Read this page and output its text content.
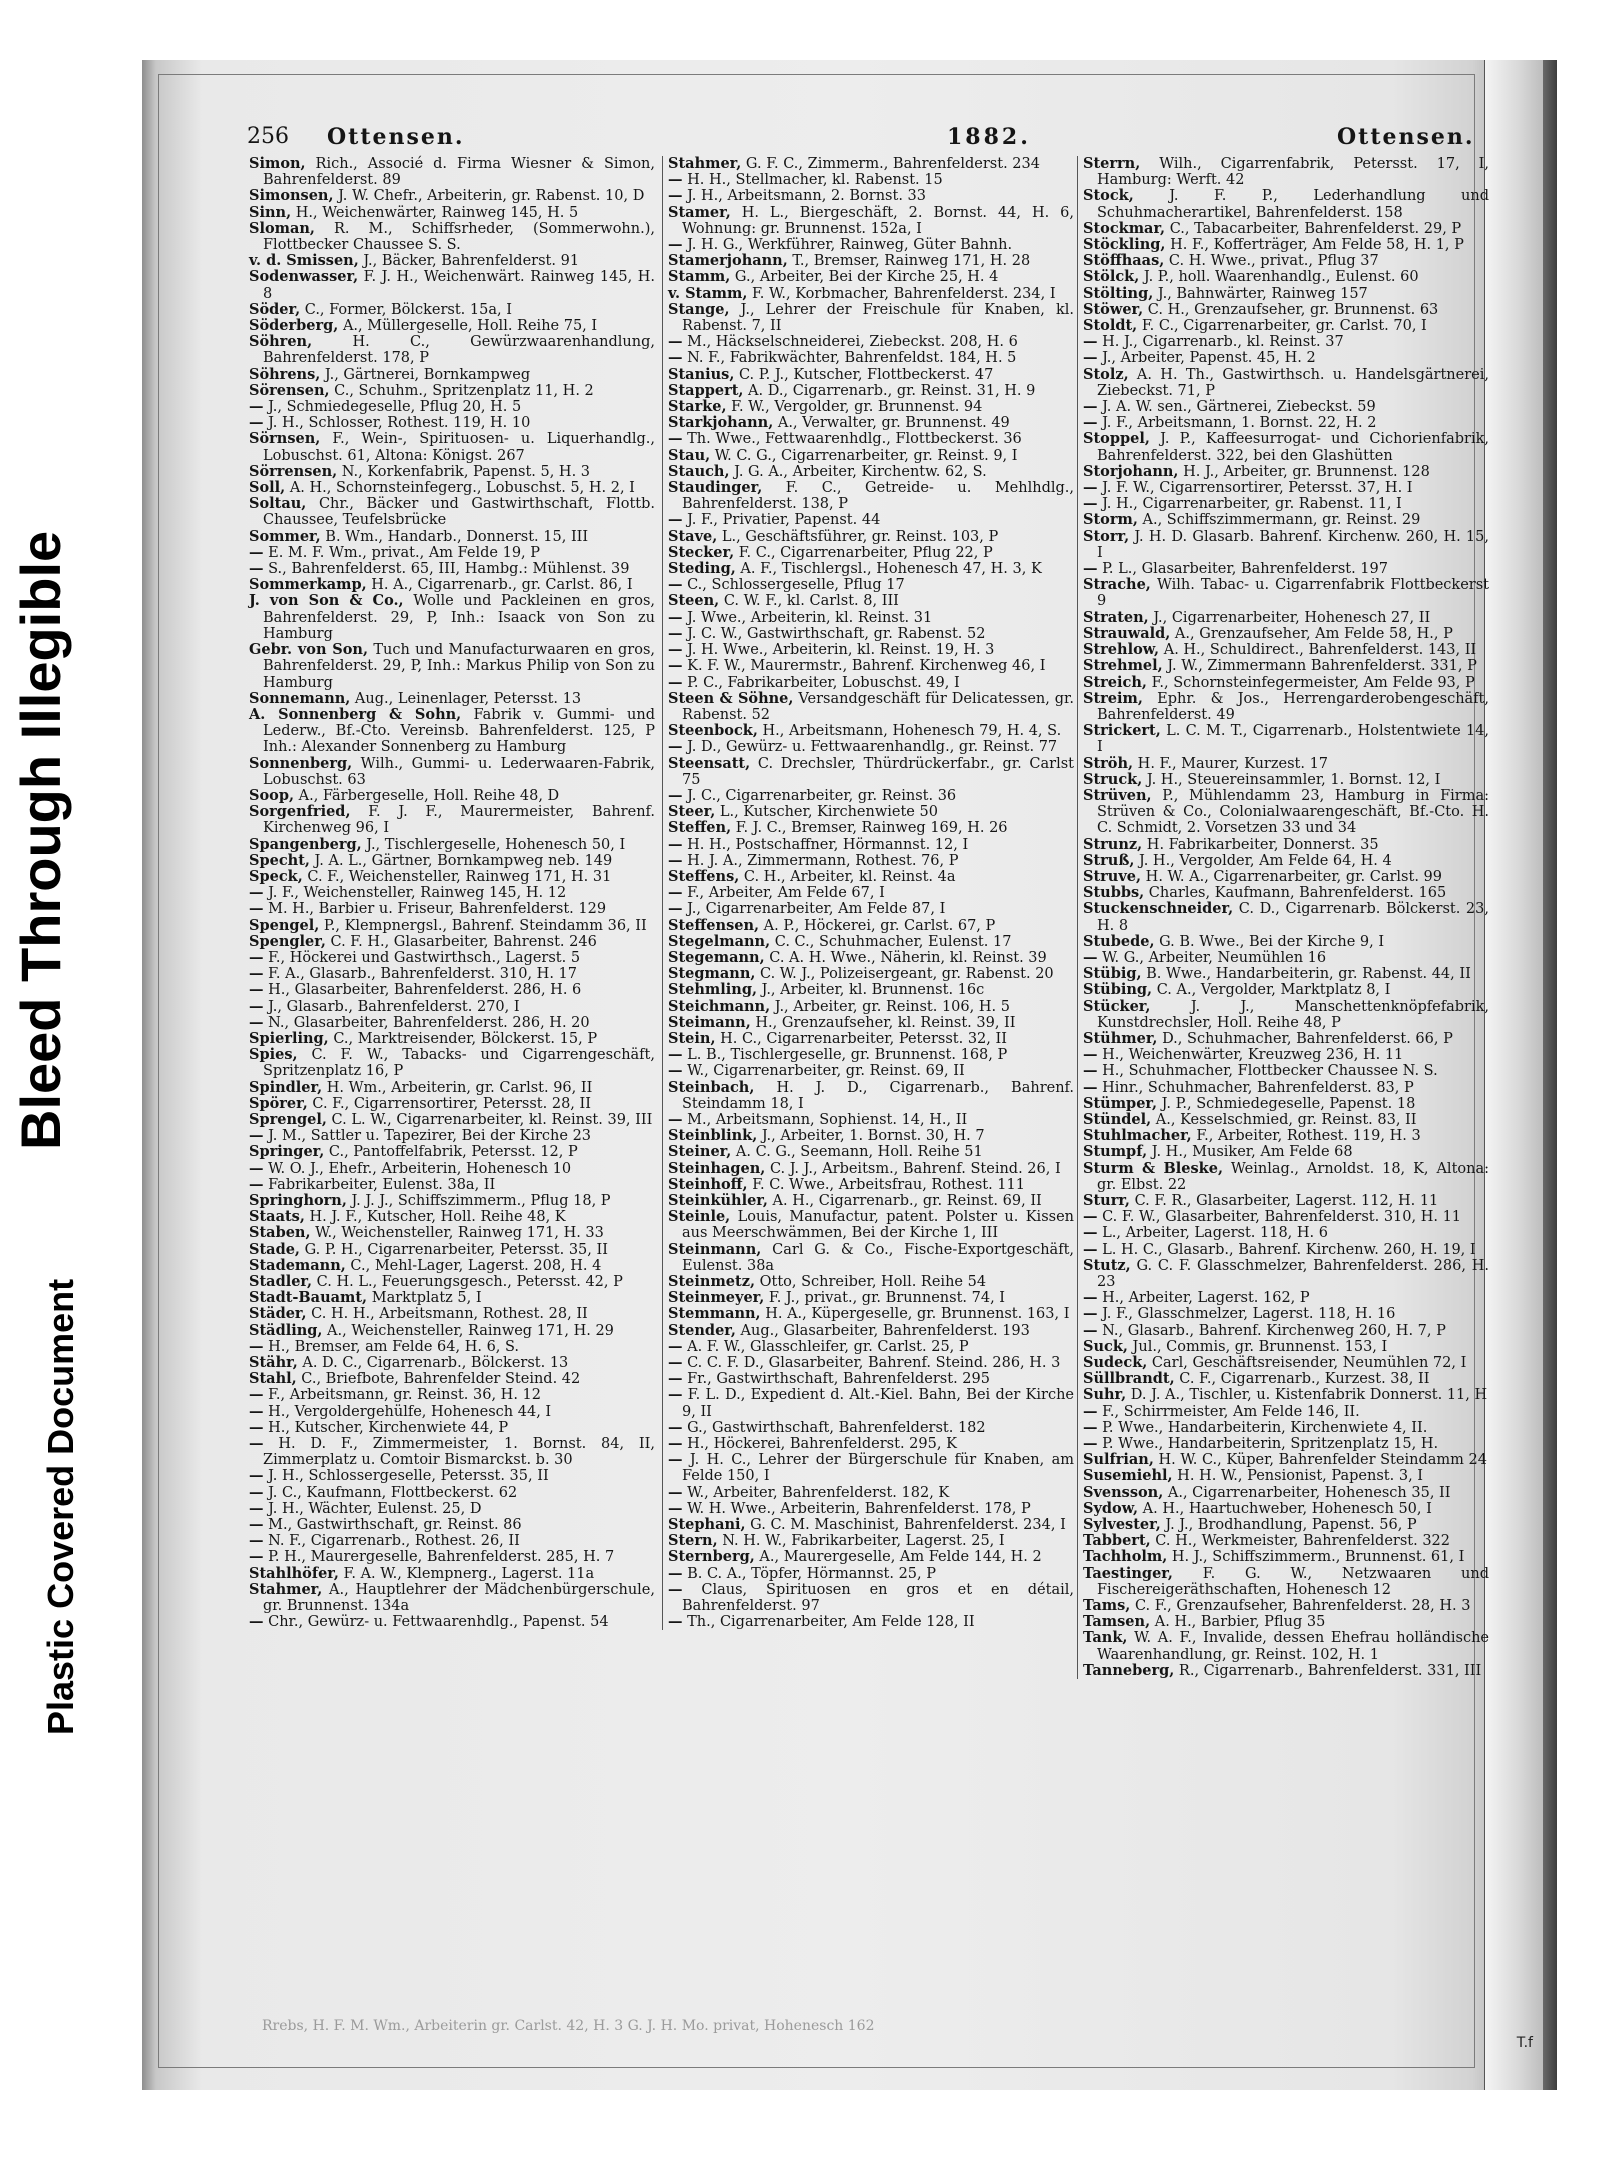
Bleed Through Illegible
Plastic Covered Document
T.f
256 Ottensen.	1882.	Ottensen.

Simon, Rich., Associé d. Firma Wiesner & Simon, Bahrenfelderst. 89

Simonsen, J. W. Chefr., Arbeiterin, gr. Rabenst. 10, D

Sinn, H., Weichenwärter, Rainweg 145, H. 5

Sloman, R. M., Schiffsrheder, (Sommerwohn.), Flottbecker Chaussee S. S.

v. d. Smissen, J., Bäcker, Bahrenfelderst. 91

Sodenwasser, F. J. H., Weichenwärt. Rainweg 145, H. 8

Söder, C., Former, Bölckerst. 15a, I

Söderberg, A., Müllergeselle, Holl. Reihe 75, I

Söhren, H. C., Gewürzwaarenhandlung, Bahrenfelderst. 178, P

Söhrens, J., Gärtnerei, Bornkampweg

Sörensen, C., Schuhm., Spritzenplatz 11, H. 2

— J., Schmiedegeselle, Pflug 20, H. 5

— J. H., Schlosser, Rothest. 119, H. 10

Sörnsen, F., Wein-, Spirituosen- u. Liquerhandlg., Lobuschst. 61, Altona: Königst. 267

Sörrensen, N., Korkenfabrik, Papenst. 5, H. 3

Soll, A. H., Schornsteinfegerg., Lobuschst. 5, H. 2, I

Soltau, Chr., Bäcker und Gastwirthschaft, Flottb. Chaussee, Teufelsbrücke

Sommer, B. Wm., Handarb., Donnerst. 15, III

— E. M. F. Wm., privat., Am Felde 19, P

— S., Bahrenfelderst. 65, III, Hambg.: Mühlenst. 39

Sommerkamp, H. A., Cigarrenarb., gr. Carlst. 86, I

J. von Son & Co., Wolle und Packleinen en gros, Bahrenfelderst. 29, P, Inh.: Isaack von Son zu Hamburg

Gebr. von Son, Tuch und Manufacturwaaren en gros, Bahrenfelderst. 29, P, Inh.: Markus Philip von Son zu Hamburg

Sonnemann, Aug., Leinenlager, Petersst. 13

A. Sonnenberg & Sohn, Fabrik v. Gummi- und Lederw., Bf.-Cto. Vereinsb. Bahrenfelderst. 125, P Inh.: Alexander Sonnenberg zu Hamburg

Sonnenberg, Wilh., Gummi- u. Lederwaaren-Fabrik, Lobuschst. 63

Soop, A., Färbergeselle, Holl. Reihe 48, D

Sorgenfried, F. J. F., Maurermeister, Bahrenf. Kirchenweg 96, I

Spangenberg, J., Tischlergeselle, Hohenesch 50, I

Specht, J. A. L., Gärtner, Bornkampweg neb. 149

Speck, C. F., Weichensteller, Rainweg 171, H. 31

— J. F., Weichensteller, Rainweg 145, H. 12

— M. H., Barbier u. Friseur, Bahrenfelderst. 129

Spengel, P., Klempnergsl., Bahrenf. Steindamm 36, II

Spengler, C. F. H., Glasarbeiter, Bahrenst. 246

— F., Höckerei und Gastwirthsch., Lagerst. 5

— F. A., Glasarb., Bahrenfelderst. 310, H. 17

— H., Glasarbeiter, Bahrenfelderst. 286, H. 6

— J., Glasarb., Bahrenfelderst. 270, I

— N., Glasarbeiter, Bahrenfelderst. 286, H. 20

Spierling, C., Marktreisender, Bölckerst. 15, P

Spies, C. F. W., Tabacks- und Cigarrengeschäft, Spritzenplatz 16, P

Spindler, H. Wm., Arbeiterin, gr. Carlst. 96, II

Spörer, C. F., Cigarrensortirer, Petersst. 28, II

Sprengel, C. L. W., Cigarrenarbeiter, kl. Reinst. 39, III

— J. M., Sattler u. Tapezirer, Bei der Kirche 23

Springer, C., Pantoffelfabrik, Petersst. 12, P

— W. O. J., Ehefr., Arbeiterin, Hohenesch 10

— Fabrikarbeiter, Eulenst. 38a, II

Springhorn, J. J. J., Schiffszimmerm., Pflug 18, P

Staats, H. J. F., Kutscher, Holl. Reihe 48, K

Staben, W., Weichensteller, Rainweg 171, H. 33

Stade, G. P. H., Cigarrenarbeiter, Petersst. 35, II

Stademann, C., Mehl-Lager, Lagerst. 208, H. 4

Stadler, C. H. L., Feuerungsgesch., Petersst. 42, P

Stadt-Bauamt, Marktplatz 5, I

Städer, C. H. H., Arbeitsmann, Rothest. 28, II

Städling, A., Weichensteller, Rainweg 171, H. 29

— H., Bremser, am Felde 64, H. 6, S.

Stähr, A. D. C., Cigarrenarb., Bölckerst. 13

Stahl, C., Briefbote, Bahrenfelder Steind. 42

— F., Arbeitsmann, gr. Reinst. 36, H. 12

— H., Vergoldergehülfe, Hohenesch 44, I

— H., Kutscher, Kirchenwiete 44, P

— H. D. F., Zimmermeister, 1. Bornst. 84, II, Zimmerplatz u. Comtoir Bismarckst. b. 30

— J. H., Schlossergeselle, Petersst. 35, II

— J. C., Kaufmann, Flottbeckerst. 62

— J. H., Wächter, Eulenst. 25, D

— M., Gastwirthschaft, gr. Reinst. 86

— N. F., Cigarrenarb., Rothest. 26, II

— P. H., Maurergeselle, Bahrenfelderst. 285, H. 7

Stahlhöfer, F. A. W., Klempnerg., Lagerst. 11a

Stahmer, A., Hauptlehrer der Mädchenbürgerschule, gr. Brunnenst. 134a

— Chr., Gewürz- u. Fettwaarenhdlg., Papenst. 54

Stahmer, G. F. C., Zimmerm., Bahrenfelderst. 234

— H. H., Stellmacher, kl. Rabenst. 15

— J. H., Arbeitsmann, 2. Bornst. 33

Stamer, H. L., Biergeschäft, 2. Bornst. 44, H. 6, Wohnung: gr. Brunnenst. 152a, I

— J. H. G., Werkführer, Rainweg, Güter Bahnh.

Stamerjohann, T., Bremser, Rainweg 171, H. 28

Stamm, G., Arbeiter, Bei der Kirche 25, H. 4

v. Stamm, F. W., Korbmacher, Bahrenfelderst. 234, I

Stange, J., Lehrer der Freischule für Knaben, kl. Rabenst. 7, II

— M., Häckselschneiderei, Ziebeckst. 208, H. 6

— N. F., Fabrikwächter, Bahrenfeldst. 184, H. 5

Stanius, C. P. J., Kutscher, Flottbeckerst. 47

Stappert, A. D., Cigarrenarb., gr. Reinst. 31, H. 9

Starke, F. W., Vergolder, gr. Brunnenst. 94

Starkjohann, A., Verwalter, gr. Brunnenst. 49

— Th. Wwe., Fettwaarenhdlg., Flottbeckerst. 36

Stau, W. C. G., Cigarrenarbeiter, gr. Reinst. 9, I

Stauch, J. G. A., Arbeiter, Kirchentw. 62, S.

Staudinger, F. C., Getreide- u. Mehlhdlg., Bahrenfelderst. 138, P

— J. F., Privatier, Papenst. 44

Stave, L., Geschäftsführer, gr. Reinst. 103, P

Stecker, F. C., Cigarrenarbeiter, Pflug 22, P

Steding, A. F., Tischlergsl., Hohenesch 47, H. 3, K

— C., Schlossergeselle, Pflug 17

Steen, C. W. F., kl. Carlst. 8, III

— J. Wwe., Arbeiterin, kl. Reinst. 31

— J. C. W., Gastwirthschaft, gr. Rabenst. 52

— J. H. Wwe., Arbeiterin, kl. Reinst. 19, H. 3

— K. F. W., Maurermstr., Bahrenf. Kirchenweg 46, I

— P. C., Fabrikarbeiter, Lobuschst. 49, I

Steen & Söhne, Versandgeschäft für Delicatessen, gr. Rabenst. 52

Steenbock, H., Arbeitsmann, Hohenesch 79, H. 4, S.

— J. D., Gewürz- u. Fettwaarenhandlg., gr. Reinst. 77

Steensatt, C. Drechsler, Thürdrückerfabr., gr. Carlst 75

— J. C., Cigarrenarbeiter, gr. Reinst. 36

Steer, L., Kutscher, Kirchenwiete 50

Steffen, F. J. C., Bremser, Rainweg 169, H. 26

— H. H., Postschaffner, Hörmannst. 12, I

— H. J. A., Zimmermann, Rothest. 76, P

Steffens, C. H., Arbeiter, kl. Reinst. 4a

— F., Arbeiter, Am Felde 67, I

— J., Cigarrenarbeiter, Am Felde 87, I

Steffensen, A. P., Höckerei, gr. Carlst. 67, P

Stegelmann, C. C., Schuhmacher, Eulenst. 17

Stegemann, C. A. H. Wwe., Näherin, kl. Reinst. 39

Stegmann, C. W. J., Polizeisergeant, gr. Rabenst. 20

Stehmling, J., Arbeiter, kl. Brunnenst. 16c

Steichmann, J., Arbeiter, gr. Reinst. 106, H. 5

Steimann, H., Grenzaufseher, kl. Reinst. 39, II

Stein, H. C., Cigarrenarbeiter, Petersst. 32, II

— L. B., Tischlergeselle, gr. Brunnenst. 168, P

— W., Cigarrenarbeiter, gr. Reinst. 69, II

Steinbach, H. J. D., Cigarrenarb., Bahrenf. Steindamm 18, I

— M., Arbeitsmann, Sophienst. 14, H., II

Steinblink, J., Arbeiter, 1. Bornst. 30, H. 7

Steiner, A. C. G., Seemann, Holl. Reihe 51

Steinhagen, C. J. J., Arbeitsm., Bahrenf. Steind. 26, I

Steinhoff, F. C. Wwe., Arbeitsfrau, Rothest. 111

Steinkühler, A. H., Cigarrenarb., gr. Reinst. 69, II

Steinle, Louis, Manufactur, patent. Polster u. Kissen aus Meerschwämmen, Bei der Kirche 1, III

Steinmann, Carl G. & Co., Fische-Exportgeschäft, Eulenst. 38a

Steinmetz, Otto, Schreiber, Holl. Reihe 54

Steinmeyer, F. J., privat., gr. Brunnenst. 74, I

Stemmann, H. A., Küpergeselle, gr. Brunnenst. 163, I

Stender, Aug., Glasarbeiter, Bahrenfelderst. 193

— A. F. W., Glasschleifer, gr. Carlst. 25, P

— C. C. F. D., Glasarbeiter, Bahrenf. Steind. 286, H. 3

— Fr., Gastwirthschaft, Bahrenfelderst. 295

— F. L. D., Expedient d. Alt.-Kiel. Bahn, Bei der Kirche 9, II

— G., Gastwirthschaft, Bahrenfelderst. 182

— H., Höckerei, Bahrenfelderst. 295, K

— J. H. C., Lehrer der Bürgerschule für Knaben, am Felde 150, I

— W., Arbeiter, Bahrenfelderst. 182, K

— W. H. Wwe., Arbeiterin, Bahrenfelderst. 178, P

Stephani, G. C. M. Maschinist, Bahrenfelderst. 234, I

Stern, N. H. W., Fabrikarbeiter, Lagerst. 25, I

Sternberg, A., Maurergeselle, Am Felde 144, H. 2

— B. C. A., Töpfer, Hörmannst. 25, P

— Claus, Spirituosen en gros et en détail, Bahrenfelderst. 97

— Th., Cigarrenarbeiter, Am Felde 128, II

Sterrn, Wilh., Cigarrenfabrik, Petersst. 17, I, Hamburg: Werft. 42

Stock, J. F. P., Lederhandlung und Schuhmacherartikel, Bahrenfelderst. 158

Stockmar, C., Tabacarbeiter, Bahrenfelderst. 29, P

Stöckling, H. F., Kofferträger, Am Felde 58, H. 1, P

Stöffhaas, C. H. Wwe., privat., Pflug 37

Stölck, J. P., holl. Waarenhandlg., Eulenst. 60

Stölting, J., Bahnwärter, Rainweg 157

Stöwer, C. H., Grenzaufseher, gr. Brunnenst. 63

Stoldt, F. C., Cigarrenarbeiter, gr. Carlst. 70, I

— H. J., Cigarrenarb., kl. Reinst. 37

— J., Arbeiter, Papenst. 45, H. 2

Stolz, A. H. Th., Gastwirthsch. u. Handelsgärtnerei, Ziebeckst. 71, P

— J. A. W. sen., Gärtnerei, Ziebeckst. 59

— J. F., Arbeitsmann, 1. Bornst. 22, H. 2

Stoppel, J. P., Kaffeesurrogat- und Cichorienfabrik, Bahrenfelderst. 322, bei den Glashütten

Storjohann, H. J., Arbeiter, gr. Brunnenst. 128

— J. F. W., Cigarrensortirer, Petersst. 37, H. I

— J. H., Cigarrenarbeiter, gr. Rabenst. 11, I

Storm, A., Schiffszimmermann, gr. Reinst. 29

Storr, J. H. D. Glasarb. Bahrenf. Kirchenw. 260, H. 15, I

— P. L., Glasarbeiter, Bahrenfelderst. 197

Strache, Wilh. Tabac- u. Cigarrenfabrik Flottbeckerst 9

Straten, J., Cigarrenarbeiter, Hohenesch 27, II

Strauwald, A., Grenzaufseher, Am Felde 58, H., P

Strehlow, A. H., Schuldirect., Bahrenfelderst. 143, II

Strehmel, J. W., Zimmermann Bahrenfelderst. 331, P

Streich, F., Schornsteinfegermeister, Am Felde 93, P

Streim, Ephr. & Jos., Herrengarderobengeschäft, Bahrenfelderst. 49

Strickert, L. C. M. T., Cigarrenarb., Holstentwiete 14, I

Ströh, H. F., Maurer, Kurzest. 17

Struck, J. H., Steuereinsammler, 1. Bornst. 12, I

Strüven, P., Mühlendamm 23, Hamburg in Firma: Strüven & Co., Colonialwaarengeschäft, Bf.-Cto. H. C. Schmidt, 2. Vorsetzen 33 und 34

Strunz, H. Fabrikarbeiter, Donnerst. 35

Struß, J. H., Vergolder, Am Felde 64, H. 4

Struve, H. W. A., Cigarrenarbeiter, gr. Carlst. 99

Stubbs, Charles, Kaufmann, Bahrenfelderst. 165

Stuckenschneider, C. D., Cigarrenarb. Bölckerst. 23, H. 8

Stubede, G. B. Wwe., Bei der Kirche 9, I

— W. G., Arbeiter, Neumühlen 16

Stübig, B. Wwe., Handarbeiterin, gr. Rabenst. 44, II

Stübing, C. A., Vergolder, Marktplatz 8, I

Stücker, J. J., Manschettenknöpfefabrik, Kunstdrechsler, Holl. Reihe 48, P

Stühmer, D., Schuhmacher, Bahrenfelderst. 66, P

— H., Weichenwärter, Kreuzweg 236, H. 11

— H., Schuhmacher, Flottbecker Chaussee N. S.

— Hinr., Schuhmacher, Bahrenfelderst. 83, P

Stümper, J. P., Schmiedegeselle, Papenst. 18

Stündel, A., Kesselschmied, gr. Reinst. 83, II

Stuhlmacher, F., Arbeiter, Rothest. 119, H. 3

Stumpf, J. H., Musiker, Am Felde 68

Sturm & Bleske, Weinlag., Arnoldst. 18, K, Altona: gr. Elbst. 22

Sturr, C. F. R., Glasarbeiter, Lagerst. 112, H. 11

— C. F. W., Glasarbeiter, Bahrenfelderst. 310, H. 11

— L., Arbeiter, Lagerst. 118, H. 6

— L. H. C., Glasarb., Bahrenf. Kirchenw. 260, H. 19, I

Stutz, G. C. F. Glasschmelzer, Bahrenfelderst. 286, H. 23

— H., Arbeiter, Lagerst. 162, P

— J. F., Glasschmelzer, Lagerst. 118, H. 16

— N., Glasarb., Bahrenf. Kirchenweg 260, H. 7, P

Suck, Jul., Commis, gr. Brunnenst. 153, I

Sudeck, Carl, Geschäftsreisender, Neumühlen 72, I

Süllbrandt, C. F., Cigarrenarb., Kurzest. 38, II

Suhr, D. J. A., Tischler, u. Kistenfabrik Donnerst. 11, H

— F., Schirrmeister, Am Felde 146, II.

— P. Wwe., Handarbeiterin, Kirchenwiete 4, II.

— P. Wwe., Handarbeiterin, Spritzenplatz 15, H.

Sulfrian, H. W. C., Küper, Bahrenfelder Steindamm 24

Susemiehl, H. H. W., Pensionist, Papenst. 3, I

Svensson, A., Cigarrenarbeiter, Hohenesch 35, II

Sydow, A. H., Haartuchweber, Hohenesch 50, I

Sylvester, J. J., Brodhandlung, Papenst. 56, P

Tabbert, C. H., Werkmeister, Bahrenfelderst. 322

Tachholm, H. J., Schiffszimmerm., Brunnenst. 61, I

Taestinger, F. G. W., Netzwaaren und Fischereigeräthschaften, Hohenesch 12

Tams, C. F., Grenzaufseher, Bahrenfelderst. 28, H. 3

Tamsen, A. H., Barbier, Pflug 35

Tank, W. A. F., Invalide, dessen Ehefrau holländische Waarenhandlung, gr. Reinst. 102, H. 1

Tanneberg, R., Cigarrenarb., Bahrenfelderst. 331, III

Rrebs, H. F. M. Wm., Arbeiterin gr. Carlst. 42, H. 3 G. J. H. Mo. privat, Hohenesch 162
